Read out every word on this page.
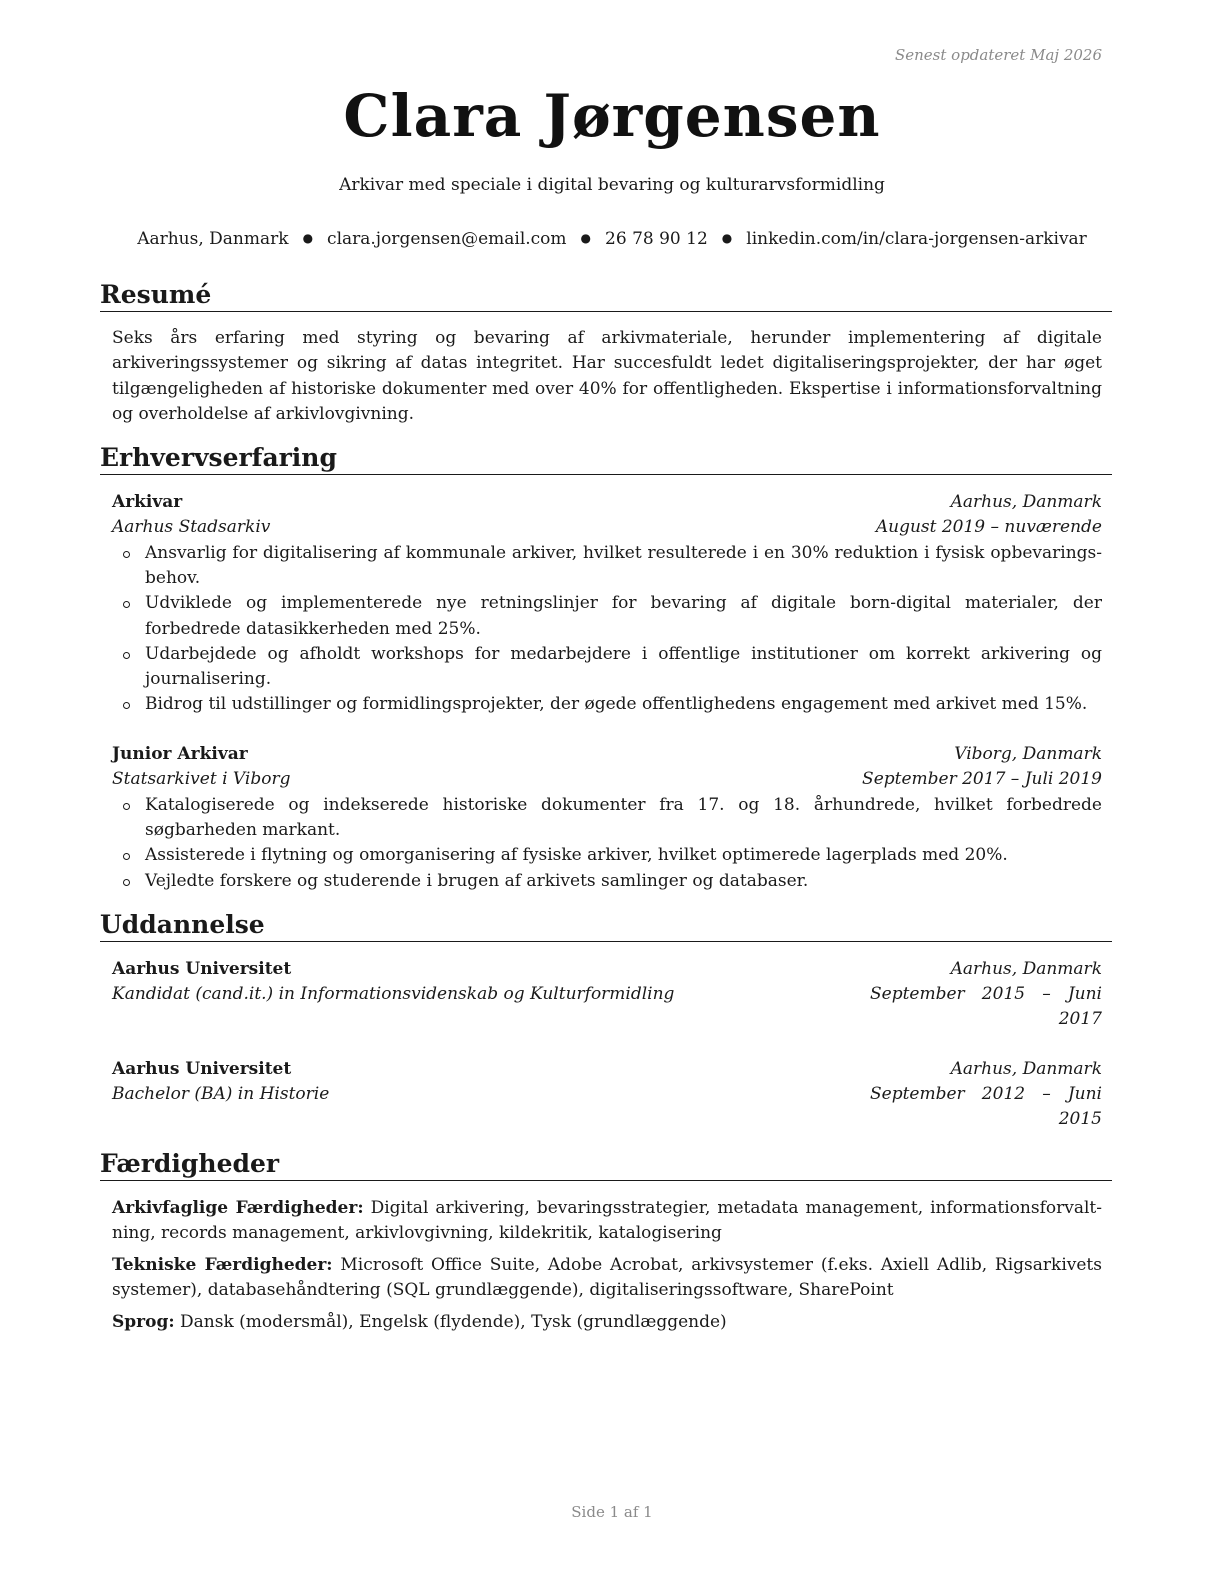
Senest opdateret Maj 2026
Clara Jørgensen
Arkivar med speciale i digital bevaring og kulturarvsformidling
Aarhus, Danmark ● clara.jorgensen@email.com ● 26 78 90 12 ● linkedin.com/in/clara-jorgensen-arkivar
Resumé
Seks års erfaring med styring og bevaring af arkivmateriale, herunder implementering af digitale arkiveringssystemer og sikring af datas integritet. Har succesfuldt ledet digitaliseringsprojekter, der har øget tilgængeligheden af historiske dokumenter med over 40% for offentligheden. Ekspertise i informationsforvaltning og overholdelse af arkivlovgivning.
Erhvervserfaring
Arkivar	Aarhus, Danmark
Aarhus Stadsarkiv	August 2019 – nuværende
Ansvarlig for digitalisering af kommunale arkiver, hvilket resulterede i en 30% reduktion i fysisk opbevaringsbehov.
Udviklede og implementerede nye retningslinjer for bevaring af digitale born-digital materialer, der forbedrede datasikkerheden med 25%.
Udarbejdede og afholdt workshops for medarbejdere i offentlige institutioner om korrekt arkivering og journalisering.
Bidrog til udstillinger og formidlingsprojekter, der øgede offentlighedens engagement med arkivet med 15%.
Junior Arkivar	Viborg, Danmark
Statsarkivet i Viborg	September 2017 – Juli 2019
Katalogiserede og indekserede historiske dokumenter fra 17. og 18. århundrede, hvilket forbedrede søgbarheden markant.
Assisterede i flytning og omorganisering af fysiske arkiver, hvilket optimerede lagerplads med 20%.
Vejledte forskere og studerende i brugen af arkivets samlinger og databaser.
Uddannelse
Aarhus Universitet	Aarhus, Danmark
Kandidat (cand.it.) in Informationsvidenskab og Kulturformidling	September 2015 – Juni 2017
Aarhus Universitet	Aarhus, Danmark
Bachelor (BA) in Historie	September 2012 – Juni 2015
Færdigheder
Arkivfaglige Færdigheder: Digital arkivering, bevaringsstrategier, metadata management, informationsforvaltning, records management, arkivlovgivning, kildekritik, katalogisering
Tekniske Færdigheder: Microsoft Office Suite, Adobe Acrobat, arkivsystemer (f.eks. Axiell Adlib, Rigsarkivets systemer), databasehåndtering (SQL grundlæggende), digitaliseringssoftware, SharePoint
Sprog: Dansk (modersmål), Engelsk (flydende), Tysk (grundlæggende)
Side 1 af 1
